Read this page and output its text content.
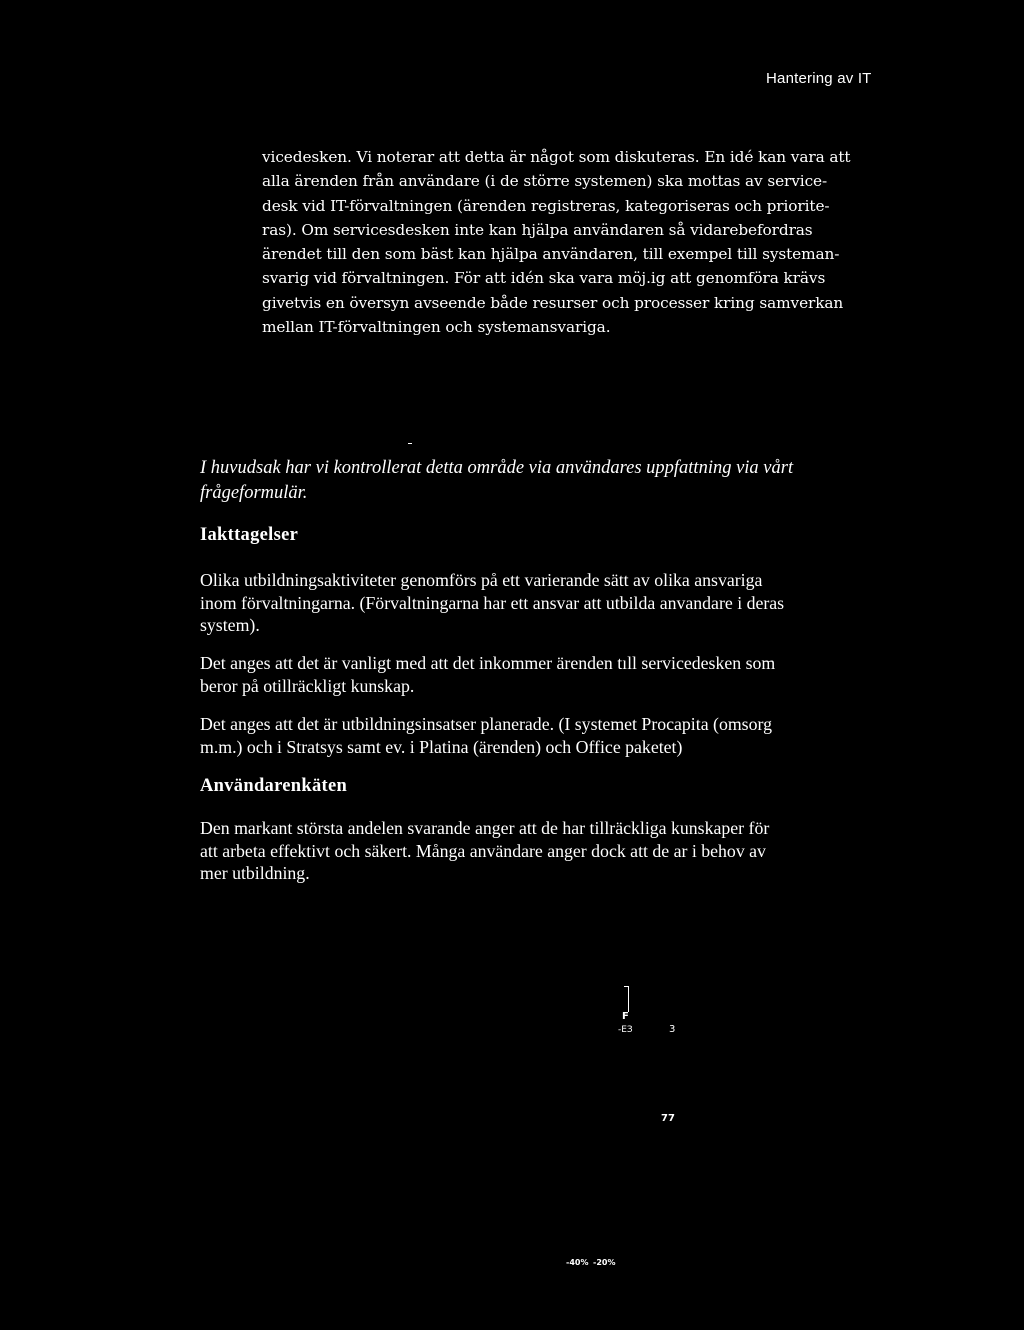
Hantering av IT
vicedesken. Vi noterar att detta är något som diskuteras. En idé kan vara att
alla ärenden från användare (i de större systemen) ska mottas av service-
desk vid IT-förvaltningen (ärenden registreras, kategoriseras och priorite-
ras). Om servicesdesken inte kan hjälpa användaren så vidarebefordras
ärendet till den som bäst kan hjälpa användaren, till exempel till systeman-
svarig vid förvaltningen. För att idén ska vara möj.ig att genomföra krävs
givetvis en översyn avseende både resurser och processer kring samverkan
mellan IT-förvaltningen och systemansvariga.
I huvudsak har vi kontrollerat detta område via användares uppfattning via vårt
frågeformulär.
Iakttagelser
Olika utbildningsaktiviteter genomförs på ett varierande sätt av olika ansvariga
inom förvaltningarna. (Förvaltningarna har ett ansvar att utbilda anvandare i deras
system).
Det anges att det är vanligt med att det inkommer ärenden tıll servicedesken som
beror på otillräckligt kunskap.
Det anges att det är utbildningsinsatser planerade. (I systemet Procapita (omsorg
m.m.) och i Stratsys samt ev. i Platina (ärenden) och Office paketet)
Användarenkäten
Den markant största andelen svarande anger att de har tillräckliga kunskaper för
att arbeta effektivt och säkert. Många användare anger dock att de ar i behov av
mer utbildning.
F
-ЕЗ	3
77
-40% -20%
